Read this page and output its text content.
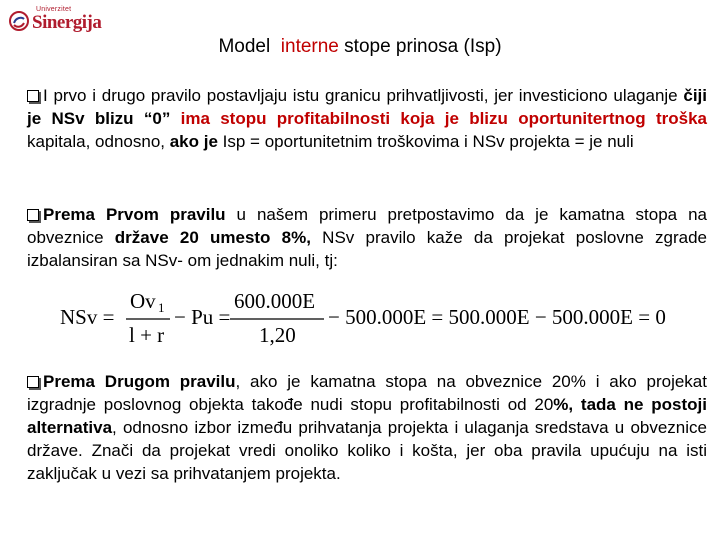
Univerzitet
Sinergija
Model interne stope prinosa (Isp)
I prvo i drugo pravilo postavljaju istu granicu prihvatljivosti, jer investiciono ulaganje čiji je NSv blizu “0” ima stopu profitabilnosti koja je blizu oportunitertnog troška kapitala, odnosno, ako je Isp = oportunitetnim troškovima i NSv projekta = je nuli
Prema Prvom pravilu u našem primeru pretpostavimo da je kamatna stopa na obveznice države 20 umesto 8%, NSv pravilo kaže da projekat poslovne zgrade izbalansiran sa NSv- om jednakim nuli, tj:
NSv =
Ov 1
l + r
− Pu =
600.000E
1,20
− 500.000E = 500.000E − 500.000E = 0
Prema Drugom pravilu, ako je kamatna stopa na obveznice 20% i ako projekat izgradnje poslovnog objekta takođe nudi stopu profitabilnosti od 20%, tada ne postoji alternativa, odnosno izbor između prihvatanja projekta i ulaganja sredstava u obveznice države. Znači da projekat vredi onoliko koliko i košta, jer oba pravila upućuju na isti zaključak u vezi sa prihvatanjem projekta.
